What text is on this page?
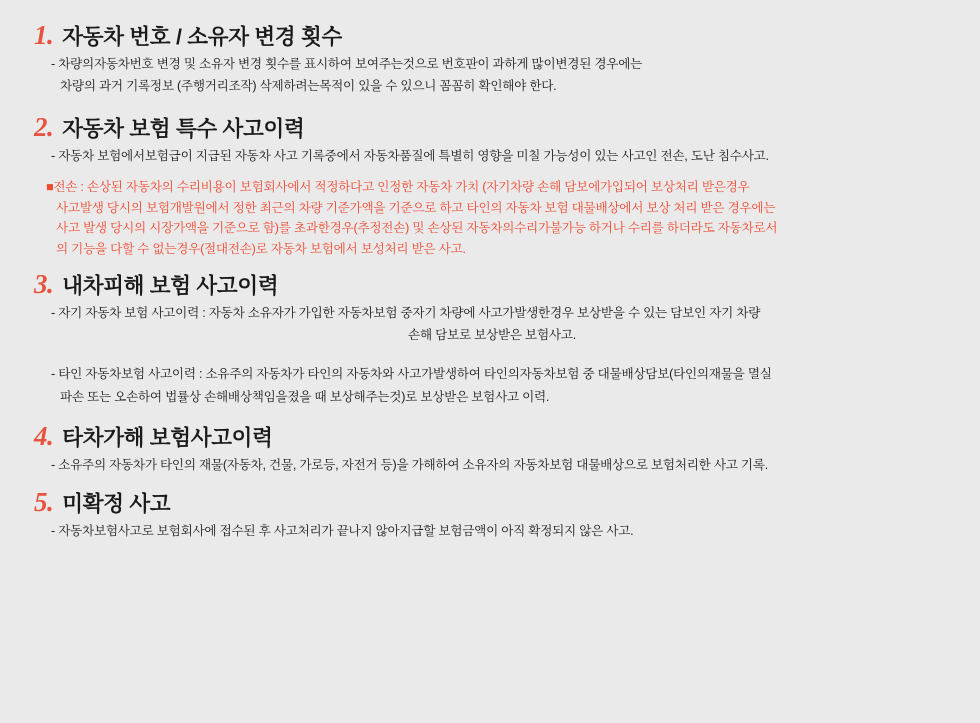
1. 자동차 번호 / 소유자 변경 횟수
- 차량의자동차번호 변경 및 소유자 변경 횟수를 표시하여 보여주는것으로 번호판이 과하게 많이변경된 경우에는
차량의 과거 기록정보 (주행거리조작) 삭제하려는목적이 있을 수 있으니 꼼꼼히 확인해야 한다.
2. 자동차 보험 특수 사고이력
- 자동차 보험에서보험급이 지급된 자동차 사고 기록중에서 자동차품질에 특별히 영향을 미칠 가능성이 있는 사고인 전손, 도난 침수사고.
■전손 : 손상된 자동차의 수리비용이 보험회사에서 적정하다고 인정한 자동차 가치 (자기차량 손해 담보에가입되어 보상처리 받은경우
사고발생 당시의 보험개발원에서 정한 최근의 차량 기준가액을 기준으로 하고 타인의 자동차 보험 대물배상에서 보상 처리 받은 경우에는
사고 발생 당시의 시장가액을 기준으로 함)를 초과한경우(추정전손) 및 손상된 자동차의수리가불가능 하거나 수리를 하더라도 자동차로서
의 기능을 다할 수 없는경우(절대전손)로 자동차 보험에서 보성처리 받은 사고.
3. 내차피해 보험 사고이력
- 자기 자동차 보험 사고이력 : 자동차 소유자가 가입한 자동차보험 중자기 차량에 사고가발생한경우 보상받을 수 있는 담보인 자기 차량
손해 담보로 보상받은 보험사고.
- 타인 자동차보험 사고이력 : 소유주의 자동차가 타인의 자동차와 사고가발생하여 타인의자동차보험 중 대물배상담보(타인의재물을 멸실
파손 또는 오손하여 법률상 손해배상책임을졌을 때 보상해주는것)로 보상받은 보험사고 이력.
4. 타차가해 보험사고이력
- 소유주의 자동차가 타인의 재물(자동차, 건물, 가로등, 자전거 등)을 가해하여 소유자의 자동차보험 대물배상으로 보험처리한 사고 기록.
5. 미확정 사고
- 자동차보험사고로 보험회사에 접수된 후 사고처리가 끝나지 않아지급할 보험금액이 아직 확정되지 않은 사고.
